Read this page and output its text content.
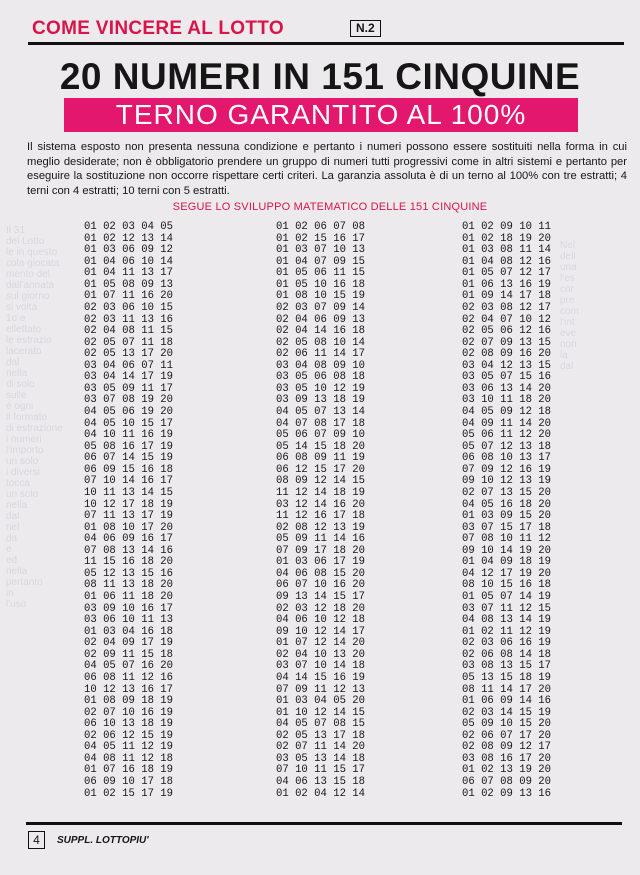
Il 31
del Lotto
le in questo
cola giocata
mento del
dall'annata
sul giorno
si volta
1o e
ellettato
le estrazio
lacerato
dal
nella
di solo
sulle
è ogni
il formato
di estrazione
i numeri
l'importo
un solo
i diversi
tocca
un solo
nella
dal
nel
da
e
ed
nella
pertanto
in
l'uso
Nel
dell
una
l'es
cor
pre
com
l'int
eve
non
la
dal
COME VINCERE AL LOTTO	N.2
20 NUMERI IN 151 CINQUINE
TERNO GARANTITO AL 100%

Il sistema esposto non presenta nessuna condizione e pertanto i numeri possono essere sostituiti nella forma in cui meglio desiderate; non è obbligatorio prendere un gruppo di numeri tutti progressivi come in altri sistemi e pertanto per eseguire la sostituzione non occorre rispettare certi criteri. La garanzia assoluta è di un terno al 100% con tre estratti; 4 terni con 4 estratti; 10 terni con 5 estratti.

SEGUE LO SVILUPPO MATEMATICO DELLE 151 CINQUINE
01 02 03 04 05
01 02 12 13 14
01 03 06 09 12
01 04 06 10 14
01 04 11 13 17
01 05 08 09 13
01 07 11 16 20
02 03 06 10 15
02 03 11 13 16
02 04 08 11 15
02 05 07 11 18
02 05 13 17 20
03 04 06 07 11
03 04 14 17 19
03 05 09 11 17
03 07 08 19 20
04 05 06 19 20
04 05 10 15 17
04 10 11 16 19
05 08 16 17 19
06 07 14 15 19
06 09 15 16 18
07 10 14 16 17
10 11 13 14 15
10 12 17 18 19
07 11 13 17 19
01 08 10 17 20
04 06 09 16 17
07 08 13 14 16
11 15 16 18 20
05 12 13 15 16
08 11 13 18 20
01 06 11 18 20
03 09 10 16 17
03 06 10 11 13
01 03 04 16 18
02 04 09 17 19
02 09 11 15 18
04 05 07 16 20
06 08 11 12 16
10 12 13 16 17
01 08 09 18 19
02 07 10 16 19
06 10 13 18 19
02 06 12 15 19
04 05 11 12 19
04 08 11 12 18
01 07 16 18 19
06 09 10 17 18
01 02 15 17 19
01 02 06 07 08
01 02 15 16 17
01 03 07 10 13
01 04 07 09 15
01 05 06 11 15
01 05 10 16 18
01 08 10 15 19
02 03 07 09 14
02 04 06 09 13
02 04 14 16 18
02 05 08 10 14
02 06 11 14 17
03 04 08 09 10
03 05 06 08 18
03 05 10 12 19
03 09 13 18 19
04 05 07 13 14
04 07 08 17 18
05 06 07 09 10
05 14 15 18 20
06 08 09 11 19
06 12 15 17 20
08 09 12 14 15
11 12 14 18 19
03 12 14 16 20
11 12 16 17 18
02 08 12 13 19
05 09 11 14 16
07 09 17 18 20
01 03 06 17 19
04 06 08 15 20
06 07 10 16 20
09 13 14 15 17
02 03 12 18 20
04 06 10 12 18
09 10 12 14 17
01 07 12 14 20
02 04 10 13 20
03 07 10 14 18
04 14 15 16 19
07 09 11 12 13
01 03 04 05 20
01 10 12 14 15
04 05 07 08 15
02 05 13 17 18
02 07 11 14 20
03 05 13 14 18
07 10 11 15 17
04 06 13 15 18
01 02 04 12 14
01 02 09 10 11
01 02 18 19 20
01 03 08 11 14
01 04 08 12 16
01 05 07 12 17
01 06 13 16 19
01 09 14 17 18
02 03 08 12 17
02 04 07 10 12
02 05 06 12 16
02 07 09 13 15
02 08 09 16 20
03 04 12 13 15
03 05 07 15 16
03 06 13 14 20
03 10 11 18 20
04 05 09 12 18
04 09 11 14 20
05 06 11 12 20
05 07 12 13 18
06 08 10 13 17
07 09 12 16 19
09 10 12 13 19
02 07 13 15 20
04 05 16 18 20
01 03 09 15 20
03 07 15 17 18
07 08 10 11 12
09 10 14 19 20
01 04 09 18 19
04 12 17 19 20
08 10 15 16 18
01 05 07 14 19
03 07 11 12 15
04 08 13 14 19
01 02 11 12 19
02 03 06 16 19
02 06 08 14 18
03 08 13 15 17
05 13 15 18 19
08 11 14 17 20
01 06 09 14 16
02 03 14 15 19
05 09 10 15 20
02 06 07 17 20
02 08 09 12 17
03 08 16 17 20
01 02 13 19 20
06 07 08 09 20
01 02 09 13 16
4	SUPPL. LOTTOPIU'
